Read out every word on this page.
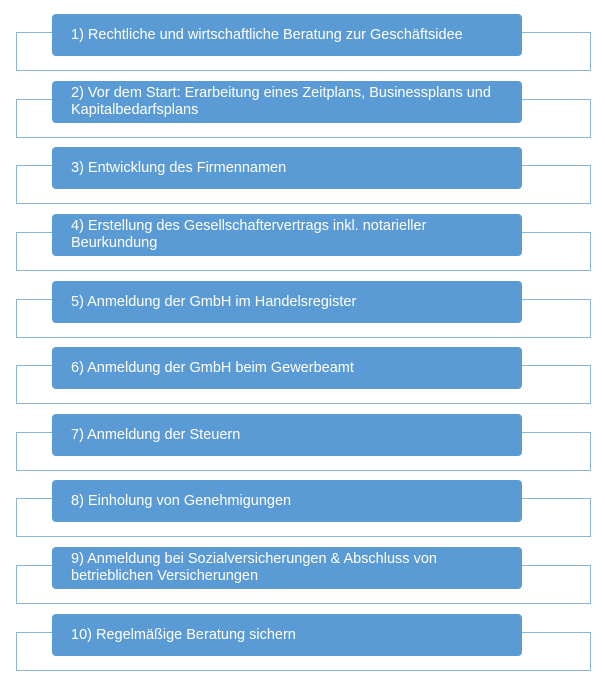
1) Rechtliche und wirtschaftliche Beratung zur Geschäftsidee
2) Vor dem Start: Erarbeitung eines Zeitplans, Businessplans und Kapitalbedarfsplans
3) Entwicklung des Firmennamen
4) Erstellung des Gesellschaftervertrags inkl. notarieller Beurkundung
5) Anmeldung der GmbH im Handelsregister
6) Anmeldung der GmbH beim Gewerbeamt
7) Anmeldung der Steuern
8) Einholung von Genehmigungen
9) Anmeldung bei Sozialversicherungen & Abschluss von betrieblichen Versicherungen
10) Regelmäßige Beratung sichern
